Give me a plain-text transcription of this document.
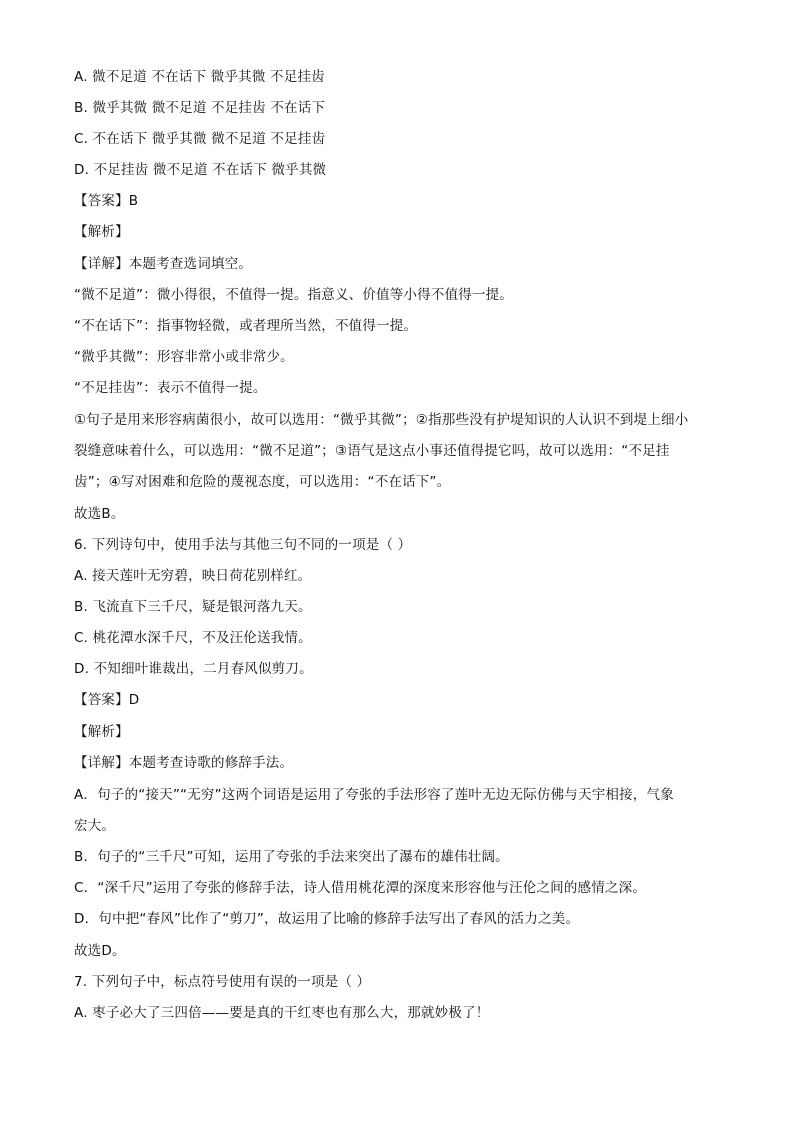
A. 微不足道 不在话下 微乎其微 不足挂齿
B. 微乎其微 微不足道 不足挂齿 不在话下
C. 不在话下 微乎其微 微不足道 不足挂齿
D. 不足挂齿 微不足道 不在话下 微乎其微
【答案】B
【解析】
【详解】本题考查选词填空。
“微不足道”：微小得很，不值得一提。指意义、价值等小得不值得一提。
“不在话下”：指事物轻微，或者理所当然，不值得一提。
“微乎其微”：形容非常小或非常少。
“不足挂齿”：表示不值得一提。
①句子是用来形容病菌很小，故可以选用：“微乎其微”；②指那些没有护堤知识的人认识不到堤上细小
裂缝意味着什么，可以选用：“微不足道”；③语气是这点小事还值得提它吗，故可以选用：“不足挂
齿”；④写对困难和危险的蔑视态度，可以选用：“不在话下”。
故选B。
6. 下列诗句中，使用手法与其他三句不同的一项是（ ）
A. 接天莲叶无穷碧，映日荷花别样红。
B. 飞流直下三千尺，疑是银河落九天。
C. 桃花潭水深千尺，不及汪伦送我情。
D. 不知细叶谁裁出，二月春风似剪刀。
【答案】D
【解析】
【详解】本题考查诗歌的修辞手法。
A．句子的“接天”“无穷”这两个词语是运用了夸张的手法形容了莲叶无边无际仿佛与天宇相接，气象
宏大。
B．句子的“三千尺”可知，运用了夸张的手法来突出了瀑布的雄伟壮阔。
C．“深千尺”运用了夸张的修辞手法，诗人借用桃花潭的深度来形容他与汪伦之间的感情之深。
D．句中把“春风”比作了“剪刀”，故运用了比喻的修辞手法写出了春风的活力之美。
故选D。
7. 下列句子中，标点符号使用有误的一项是（ ）
A. 枣子必大了三四倍——要是真的干红枣也有那么大，那就妙极了！
